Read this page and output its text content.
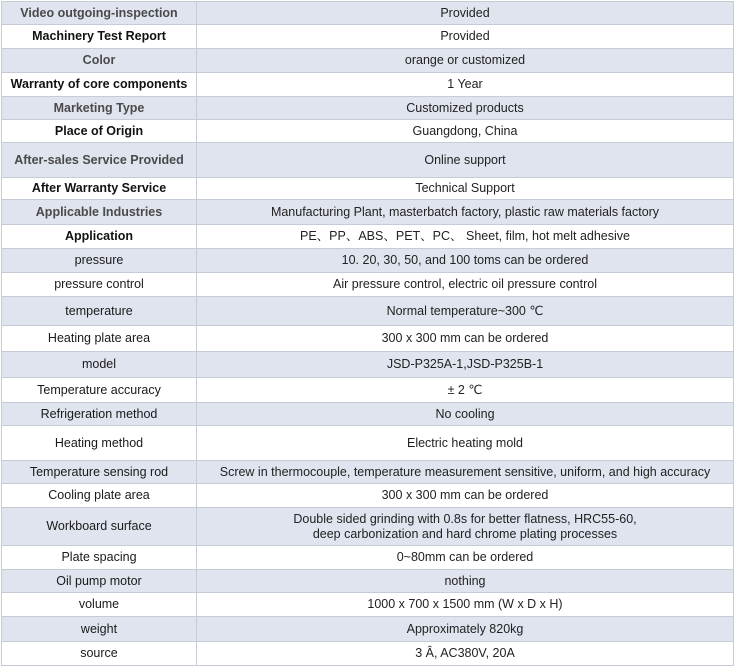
Video outgoing-inspection	Provided
Machinery Test Report	Provided
Color	orange or customized
Warranty of core components	1 Year
Marketing Type	Customized products
Place of Origin	Guangdong, China
After-sales Service Provided	Online support
After Warranty Service	Technical Support
Applicable Industries	Manufacturing Plant, masterbatch factory, plastic raw materials factory
Application	PE、PP、ABS、PET、PC、 Sheet, film, hot melt adhesive
pressure	10. 20, 30, 50, and 100 toms can be ordered
pressure control	Air pressure control, electric oil pressure control
temperature	Normal temperature~300 ℃
Heating plate area	300 x 300 mm can be ordered
model	JSD-P325A-1,JSD-P325B-1
Temperature accuracy	± 2 ℃
Refrigeration method	No cooling
Heating method	Electric heating mold
Temperature sensing rod	Screw in thermocouple, temperature measurement sensitive, uniform, and high accuracy
Cooling plate area	300 x 300 mm can be ordered
Workboard surface	Double sided grinding with 0.8s for better flatness, HRC55-60, deep carbonization and hard chrome plating processes
Plate spacing	0~80mm can be ordered
Oil pump motor	nothing
volume	1000 x 700 x 1500 mm (W x D x H)
weight	Approximately 820kg
source	3 Â, AC380V, 20A
